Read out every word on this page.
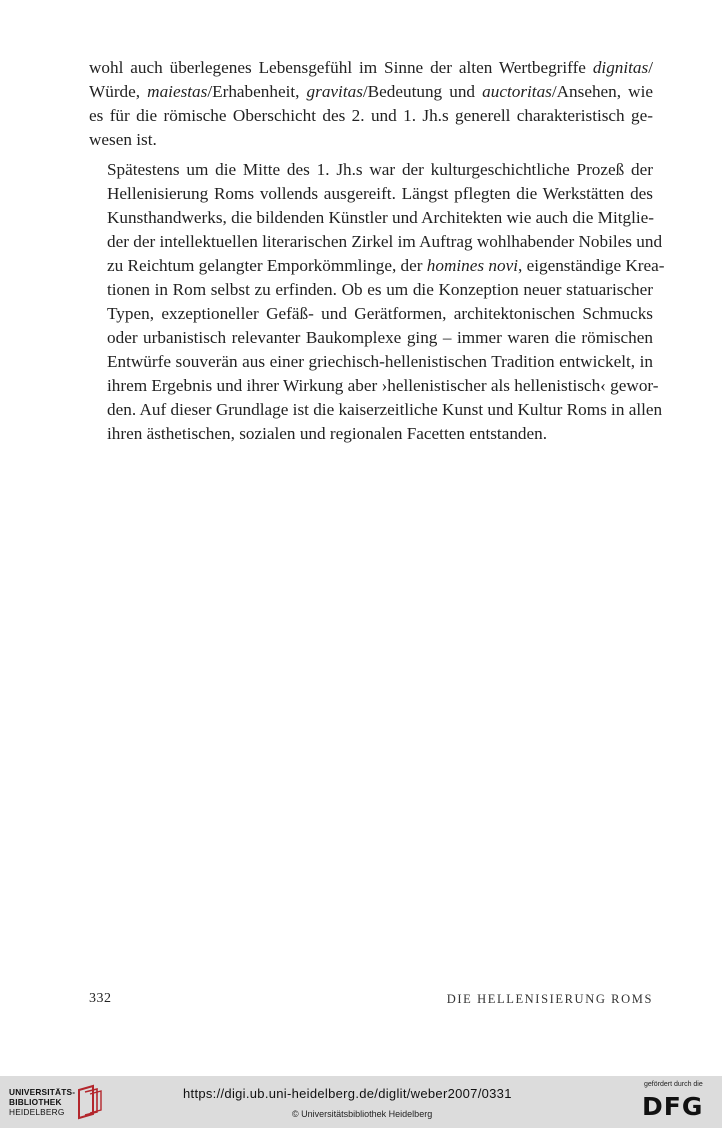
wohl auch überlegenes Lebensgefühl im Sinne der alten Wertbegriffe dignitas/
Würde, maiestas/Erhabenheit, gravitas/Bedeutung und auctoritas/Ansehen, wie
es für die römische Oberschicht des 2. und 1. Jh.s generell charakteristisch ge-
wesen ist.

Spätestens um die Mitte des 1. Jh.s war der kulturgeschichtliche Prozeß der
Hellenisierung Roms vollends ausgereift. Längst pflegten die Werkstätten des
Kunsthandwerks, die bildenden Künstler und Architekten wie auch die Mitglie-
der der intellektuellen literarischen Zirkel im Auftrag wohlhabender Nobiles und
zu Reichtum gelangter Emporkömmlinge, der homines novi, eigenständige Krea-
tionen in Rom selbst zu erfinden. Ob es um die Konzeption neuer statuarischer
Typen, exzeptioneller Gefäß- und Gerätformen, architektonischen Schmucks
oder urbanistisch relevanter Baukomplexe ging – immer waren die römischen
Entwürfe souverän aus einer griechisch-hellenistischen Tradition entwickelt, in
ihrem Ergebnis und ihrer Wirkung aber ›hellenistischer als hellenistisch‹ gewor-
den. Auf dieser Grundlage ist die kaiserzeitliche Kunst und Kultur Roms in allen
ihren ästhetischen, sozialen und regionalen Facetten entstanden.

332	DIE HELLENISIERUNG ROMS
UNIVERSITÄTS-
BIBLIOTHEK
HEIDELBERG
https://digi.ub.uni-heidelberg.de/diglit/weber2007/0331
© Universitätsbibliothek Heidelberg
gefördert durch die
DFG
